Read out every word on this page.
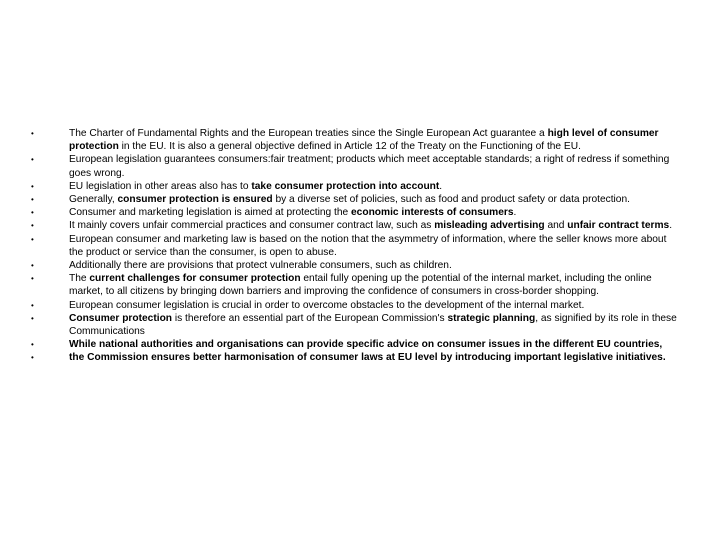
• The Charter of Fundamental Rights and the European treaties since the Single European Act guarantee a high level of consumer protection in the EU. It is also a general objective defined in Article 12 of the Treaty on the Functioning of the EU.
• European legislation guarantees consumers:fair treatment; products which meet acceptable standards; a right of redress if something goes wrong.
• EU legislation in other areas also has to take consumer protection into account.
• Generally, consumer protection is ensured by a diverse set of policies, such as food and product safety or data protection.
• Consumer and marketing legislation is aimed at protecting the economic interests of consumers.
• It mainly covers unfair commercial practices and consumer contract law, such as misleading advertising and unfair contract terms.
• European consumer and marketing law is based on the notion that the asymmetry of information, where the seller knows more about the product or service than the consumer, is open to abuse.
• Additionally there are provisions that protect vulnerable consumers, such as children.
• The current challenges for consumer protection entail fully opening up the potential of the internal market, including the online market, to all citizens by bringing down barriers and improving the confidence of consumers in cross-border shopping.
• European consumer legislation is crucial in order to overcome obstacles to the development of the internal market.
• Consumer protection is therefore an essential part of the European Commission's strategic planning, as signified by its role in these Communications
• While national authorities and organisations can provide specific advice on consumer issues in the different EU countries,
• the Commission ensures better harmonisation of consumer laws at EU level by introducing important legislative initiatives.
